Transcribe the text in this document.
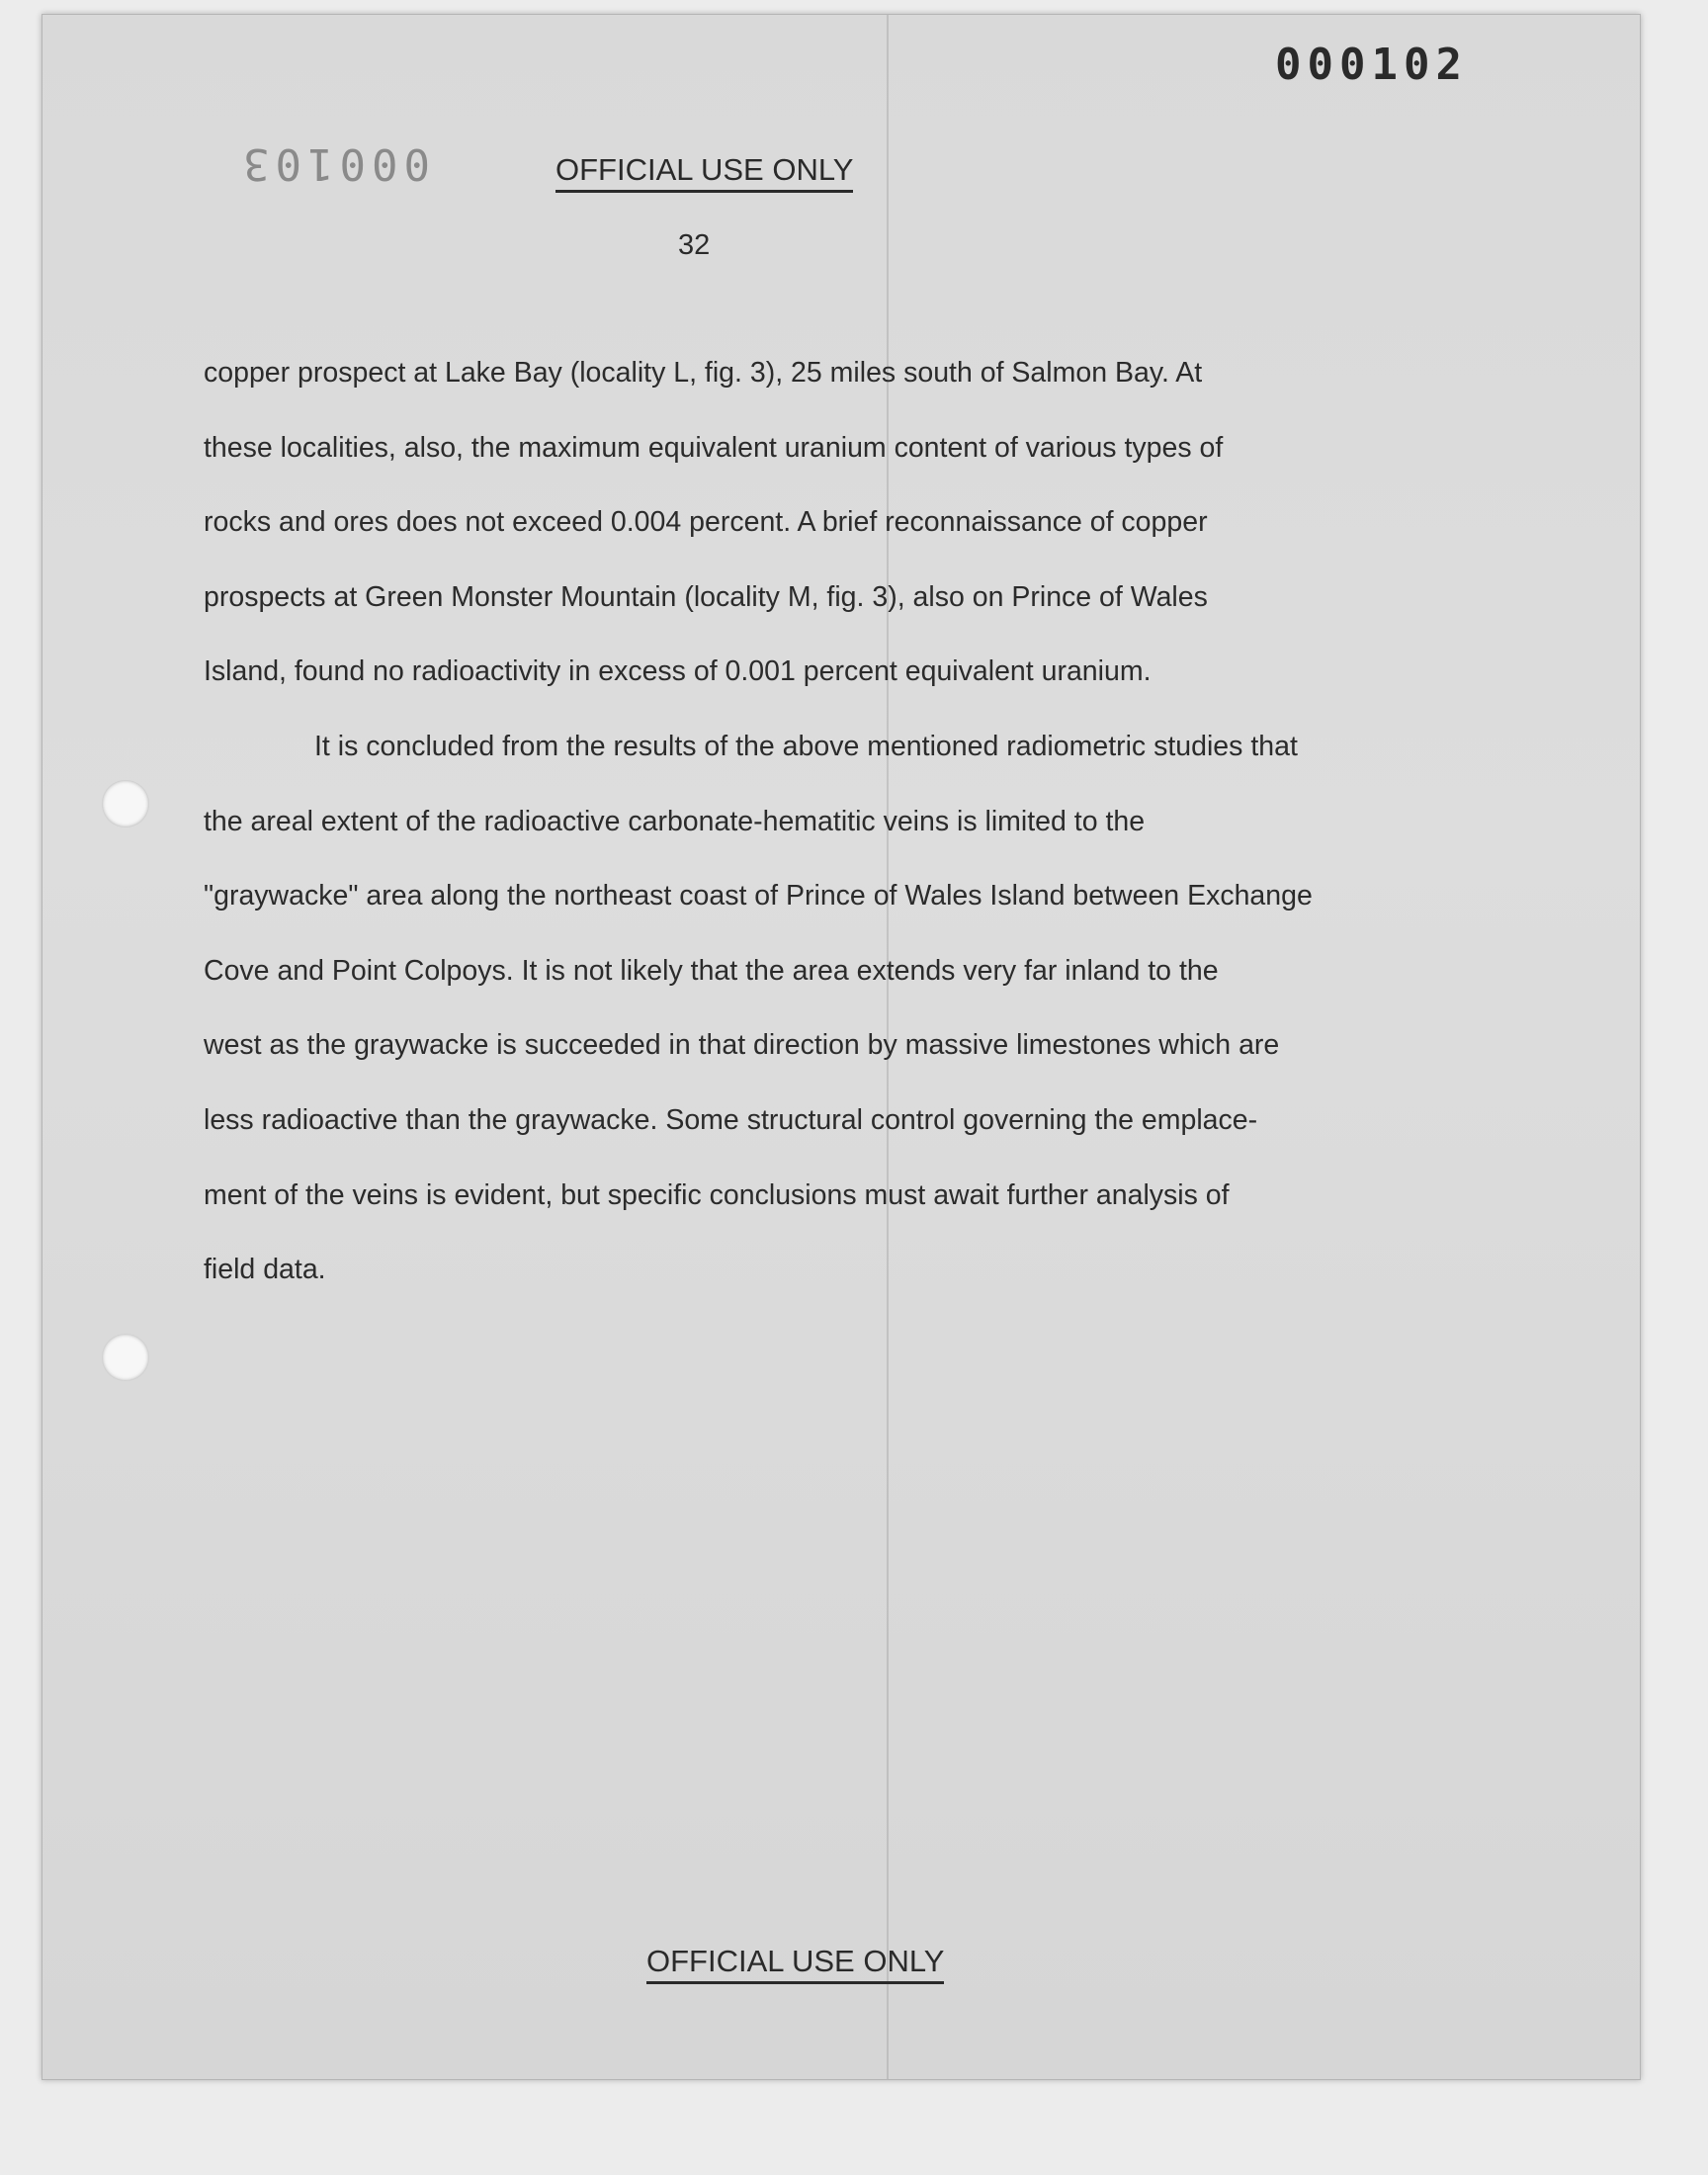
000102
000103	OFFICIAL USE ONLY
32
copper prospect at Lake Bay (locality L, fig. 3), 25 miles south of Salmon Bay. At
these localities, also, the maximum equivalent uranium content of various types of
rocks and ores does not exceed 0.004 percent. A brief reconnaissance of copper
prospects at Green Monster Mountain (locality M, fig. 3), also on Prince of Wales
Island, found no radioactivity in excess of 0.001 percent equivalent uranium.
It is concluded from the results of the above mentioned radiometric studies that
the areal extent of the radioactive carbonate-hematitic veins is limited to the
"graywacke" area along the northeast coast of Prince of Wales Island between Exchange
Cove and Point Colpoys. It is not likely that the area extends very far inland to the
west as the graywacke is succeeded in that direction by massive limestones which are
less radioactive than the graywacke. Some structural control governing the emplace-
ment of the veins is evident, but specific conclusions must await further analysis of
field data.
OFFICIAL USE ONLY
